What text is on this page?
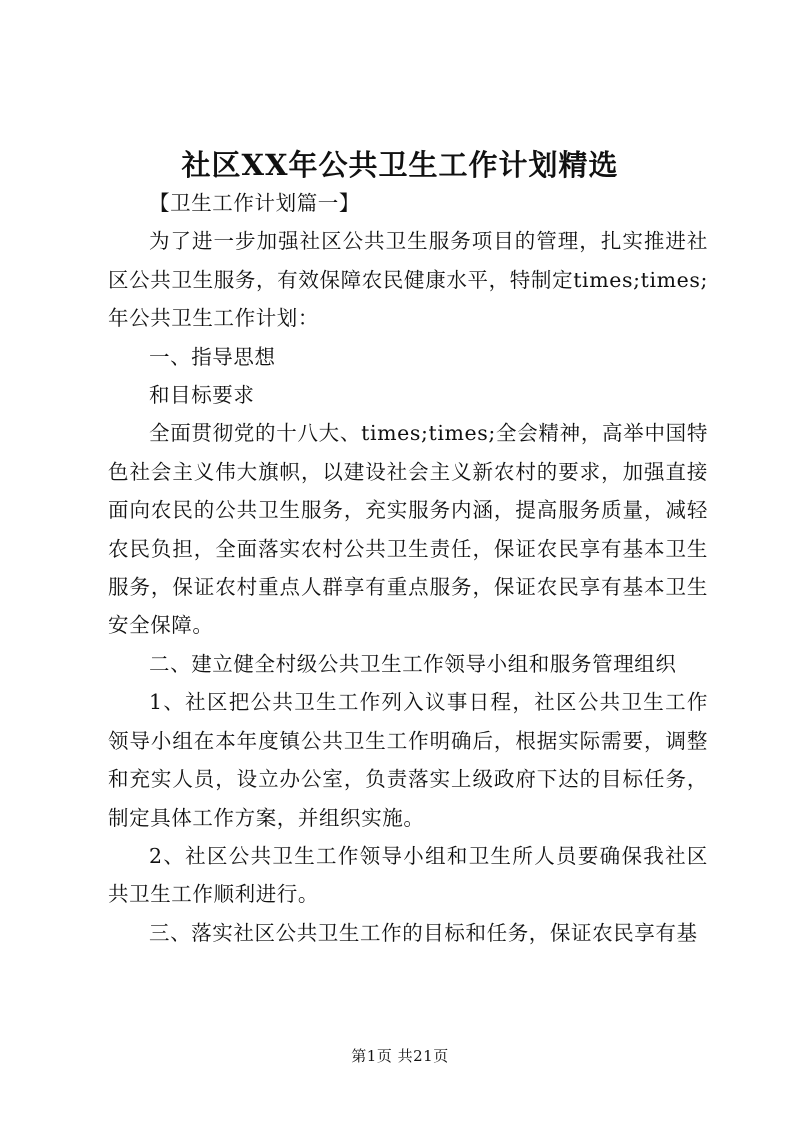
社区XX年公共卫生工作计划精选

【卫生工作计划篇一】

为了进一步加强社区公共卫生服务项目的管理，扎实推进社区公共卫生服务，有效保障农民健康水平，特制定times;times;年公共卫生工作计划：

一、指导思想

和目标要求

全面贯彻党的十八大、times;times;全会精神，高举中国特色社会主义伟大旗帜，以建设社会主义新农村的要求，加强直接面向农民的公共卫生服务，充实服务内涵，提高服务质量，减轻农民负担，全面落实农村公共卫生责任，保证农民享有基本卫生服务，保证农村重点人群享有重点服务，保证农民享有基本卫生安全保障。

二、建立健全村级公共卫生工作领导小组和服务管理组织

1、社区把公共卫生工作列入议事日程，社区公共卫生工作领导小组在本年度镇公共卫生工作明确后，根据实际需要，调整和充实人员，设立办公室，负责落实上级政府下达的目标任务，制定具体工作方案，并组织实施。

2、社区公共卫生工作领导小组和卫生所人员要确保我社区共卫生工作顺利进行。

三、落实社区公共卫生工作的目标和任务，保证农民享有基

第1页 共21页
